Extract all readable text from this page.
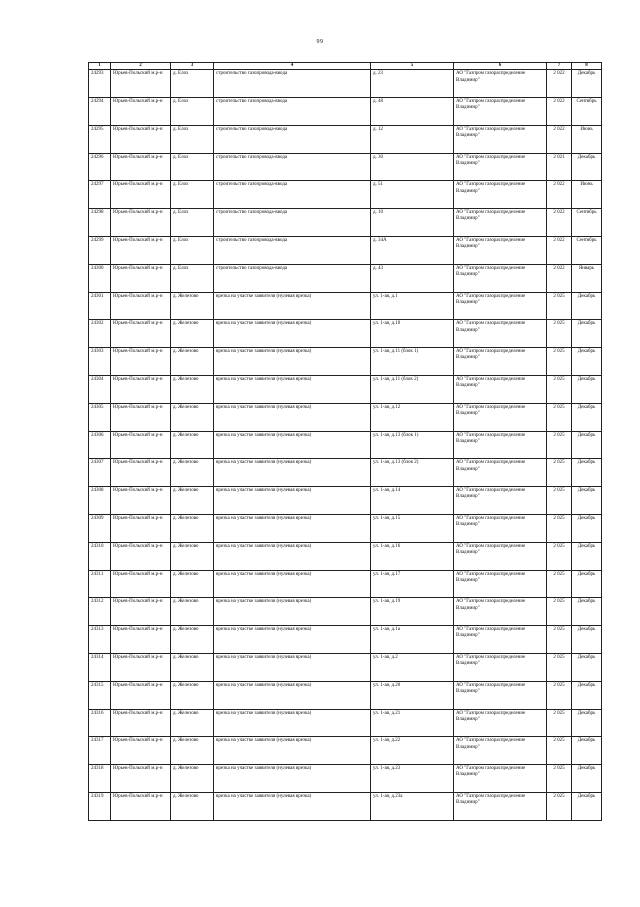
99
1	2	3	4	5	6	7	8
24293	Юрьев-Польский м.р-н	д. Елох	строительство газопровода-ввода	д. 23	АО "Газпром газораспределение Владимир"	2 022	Декабрь
24294	Юрьев-Польский м.р-н	д. Елох	строительство газопровода-ввода	д. 48	АО "Газпром газораспределение Владимир"	2 022	Сентябрь
24295	Юрьев-Польский м.р-н	д. Елох	строительство газопровода-ввода	д. 12	АО "Газпром газораспределение Владимир"	2 022	Июнь
24296	Юрьев-Польский м.р-н	д. Елох	строительство газопровода-ввода	д. 30	АО "Газпром газораспределение Владимир"	2 021	Декабрь
24297	Юрьев-Польский м.р-н	д. Елох	строительство газопровода-ввода	д. 51	АО "Газпром газораспределение Владимир"	2 022	Июнь
24298	Юрьев-Польский м.р-н	д. Елох	строительство газопровода-ввода	д. 10	АО "Газпром газораспределение Владимир"	2 022	Сентябрь
24299	Юрьев-Польский м.р-н	д. Елох	строительство газопровода-ввода	д. 34А	АО "Газпром газораспределение Владимир"	2 022	Сентябрь
24300	Юрьев-Польский м.р-н	д. Елох	строительство газопровода-ввода	д. 43	АО "Газпром газораспределение Владимир"	2 022	Январь
24301	Юрьев-Польский м.р-н	д. Железово	врезка на участке заявителя (нулевая врезка)	ул. 1-ая, д.1	АО "Газпром газораспределение Владимир"	2 025	Декабрь
24302	Юрьев-Польский м.р-н	д. Железово	врезка на участке заявителя (нулевая врезка)	ул. 1-ая, д.10	АО "Газпром газораспределение Владимир"	2 025	Декабрь
24303	Юрьев-Польский м.р-н	д. Железово	врезка на участке заявителя (нулевая врезка)	ул. 1-ая, д.11 (блок 1)	АО "Газпром газораспределение Владимир"	2 025	Декабрь
24304	Юрьев-Польский м.р-н	д. Железово	врезка на участке заявителя (нулевая врезка)	ул. 1-ая, д.11 (блок 2)	АО "Газпром газораспределение Владимир"	2 025	Декабрь
24305	Юрьев-Польский м.р-н	д. Железово	врезка на участке заявителя (нулевая врезка)	ул. 1-ая, д.12	АО "Газпром газораспределение Владимир"	2 025	Декабрь
24306	Юрьев-Польский м.р-н	д. Железово	врезка на участке заявителя (нулевая врезка)	ул. 1-ая, д.13 (блок 1)	АО "Газпром газораспределение Владимир"	2 025	Декабрь
24307	Юрьев-Польский м.р-н	д. Железово	врезка на участке заявителя (нулевая врезка)	ул. 1-ая, д.13 (блок 2)	АО "Газпром газораспределение Владимир"	2 025	Декабрь
24308	Юрьев-Польский м.р-н	д. Железово	врезка на участке заявителя (нулевая врезка)	ул. 1-ая, д.14	АО "Газпром газораспределение Владимир"	2 025	Декабрь
24309	Юрьев-Польский м.р-н	д. Железово	врезка на участке заявителя (нулевая врезка)	ул. 1-ая, д.15	АО "Газпром газораспределение Владимир"	2 025	Декабрь
24310	Юрьев-Польский м.р-н	д. Железово	врезка на участке заявителя (нулевая врезка)	ул. 1-ая, д.16	АО "Газпром газораспределение Владимир"	2 025	Декабрь
24311	Юрьев-Польский м.р-н	д. Железово	врезка на участке заявителя (нулевая врезка)	ул. 1-ая, д.17	АО "Газпром газораспределение Владимир"	2 025	Декабрь
24312	Юрьев-Польский м.р-н	д. Железово	врезка на участке заявителя (нулевая врезка)	ул. 1-ая, д.19	АО "Газпром газораспределение Владимир"	2 025	Декабрь
24313	Юрьев-Польский м.р-н	д. Железово	врезка на участке заявителя (нулевая врезка)	ул. 1-ая, д.1а	АО "Газпром газораспределение Владимир"	2 025	Декабрь
24314	Юрьев-Польский м.р-н	д. Железово	врезка на участке заявителя (нулевая врезка)	ул. 1-ая, д.2	АО "Газпром газораспределение Владимир"	2 025	Декабрь
24315	Юрьев-Польский м.р-н	д. Железово	врезка на участке заявителя (нулевая врезка)	ул. 1-ая, д.20	АО "Газпром газораспределение Владимир"	2 025	Декабрь
24316	Юрьев-Польский м.р-н	д. Железово	врезка на участке заявителя (нулевая врезка)	ул. 1-ая, д.21	АО "Газпром газораспределение Владимир"	2 025	Декабрь
24317	Юрьев-Польский м.р-н	д. Железово	врезка на участке заявителя (нулевая врезка)	ул. 1-ая, д.22	АО "Газпром газораспределение Владимир"	2 025	Декабрь
24318	Юрьев-Польский м.р-н	д. Железово	врезка на участке заявителя (нулевая врезка)	ул. 1-ая, д.23	АО "Газпром газораспределение Владимир"	2 025	Декабрь
24319	Юрьев-Польский м.р-н	д. Железово	врезка на участке заявителя (нулевая врезка)	ул. 1-ая, д.23а	АО "Газпром газораспределение Владимир"	2 025	Декабрь
